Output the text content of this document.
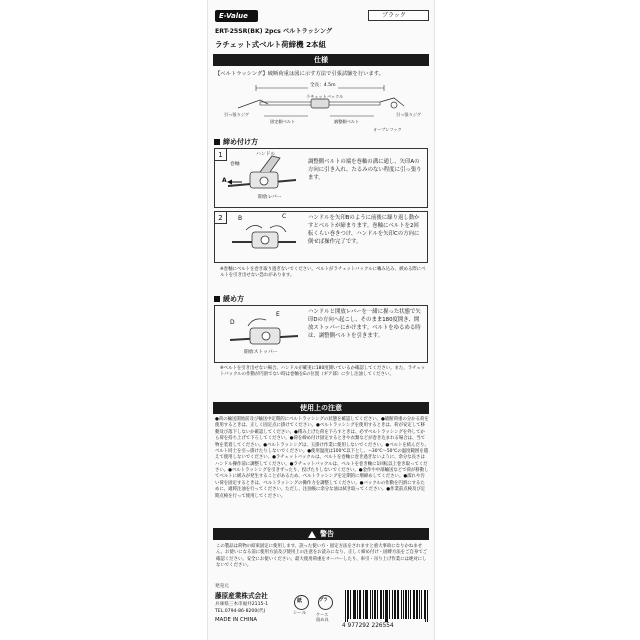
E-Value	ブラック
ERT-25SR(BK) 2pcs ベルトラッシング
ラチェット式ベルト荷締機 2本組
仕様
【ベルトラッシング】破断荷重は図に示す方法で引張試験を行います。
全長：4.5m
ラチェットバックル
引っ張りジグ
固定側ベルト	調整側ベルト
引っ張りジグ
オープンフック
締め付け方
1	ハンドル
巻軸
A
開放レバー
調整側ベルトの端を巻軸の溝に通し、矢印Aの方向に引き入れ、たるみのない程度に引っ張ります。
2	B	C	ハンドルを矢印Bのように前後に繰り返し動かすとベルトが締まります。巻軸にベルトを2回転くらい巻きつけ、ハンドルを矢印Cの方向に倒せば操作完了です。
※巻軸にベルトを巻き取り過ぎないでください。ベルトがラチェットバックルに噛み込み、緩める際にベルトを引き出せない恐れがあります。
緩め方
D
E
開放ストッパー
ハンドルと開放レバーを一緒に握った状態で矢印Dの方向へ起こし、そのまま180度開き、開放ストッパーにかけます。ベルトをゆるめる時は、調整側ベルトを引きます。
※ベルトを引き出せない場合、ハンドルが確実に180度開いているか確認してください。また、ラチェットバックルの作動が円滑でない時は巻軸をEの位置（ギア部）に少し注油してください。
使用上の注意
●荷の輸送開始前及び輸送中定期的にベルトラッシングの状態を確認してください。●破断荷重の分かる荷を使用するときは、正しく固定点に掛けてください。●ベルトラッシングを使用するときは、荷が安定して移動及び落下しないか確認してください。●積み上げた荷を下ろすときは、必ずベルトラッシングを外してから荷を持ち上げて下ろしてください。●荷を締め付け固定するときや衣類などが巻き込まれる場合は、当て物を装着してください。●ベルトラッシングは、玉掛け作業に使用しないでください。●ベルトを結んだり、ベルト同士を引っ掛けたりしないでください。●使用温度は100℃以下とし、−30℃〜50℃の温度範囲を越えて使用しないでください。●ラチェットバックルは、ベルトを巻軸に巻き過ぎないように、余分な長さはハンドル操作前に調整してください。●ラチェットバックルは、ベルトを巻き軸に1回転以上巻き取ってください。●ベルトラッシングを引きずったり、投げたりしないでください。●金作や中部輸送などで荷が移動してベルトに緩みが発生することがあるため、ベルトラッシングを定期的に増締めしてください。●濡れや汚い荷を固定するときは、ベルトラッシングの操作力を調整してください。●バックルの作動を円滑にするために、適時注油を行ってください。ただし、注油後に余分な油は拭き取ってください。●作業前点検及び定期点検を行って使用してください。
警告
この製品は荷物の結束固定に使用します。誤った使い方・固定方法をされますと重大事故になりかねません。お使いになる前に使用方法及び使用上の注意をお読みになり、正しく締め付け・固縛方法をご自身でご確認ください。安全にお使いください。最大使用荷重をオーバーしたり、車引・吊り上げ作業には絶対にしないでください。
発売元
藤原産業株式会社
兵庫県三木市福井2115-1
TEL.0794-86-8200(代)
MADE IN CHINA
紙
シール
プラ
ケース
留め具
4 977292 226554
